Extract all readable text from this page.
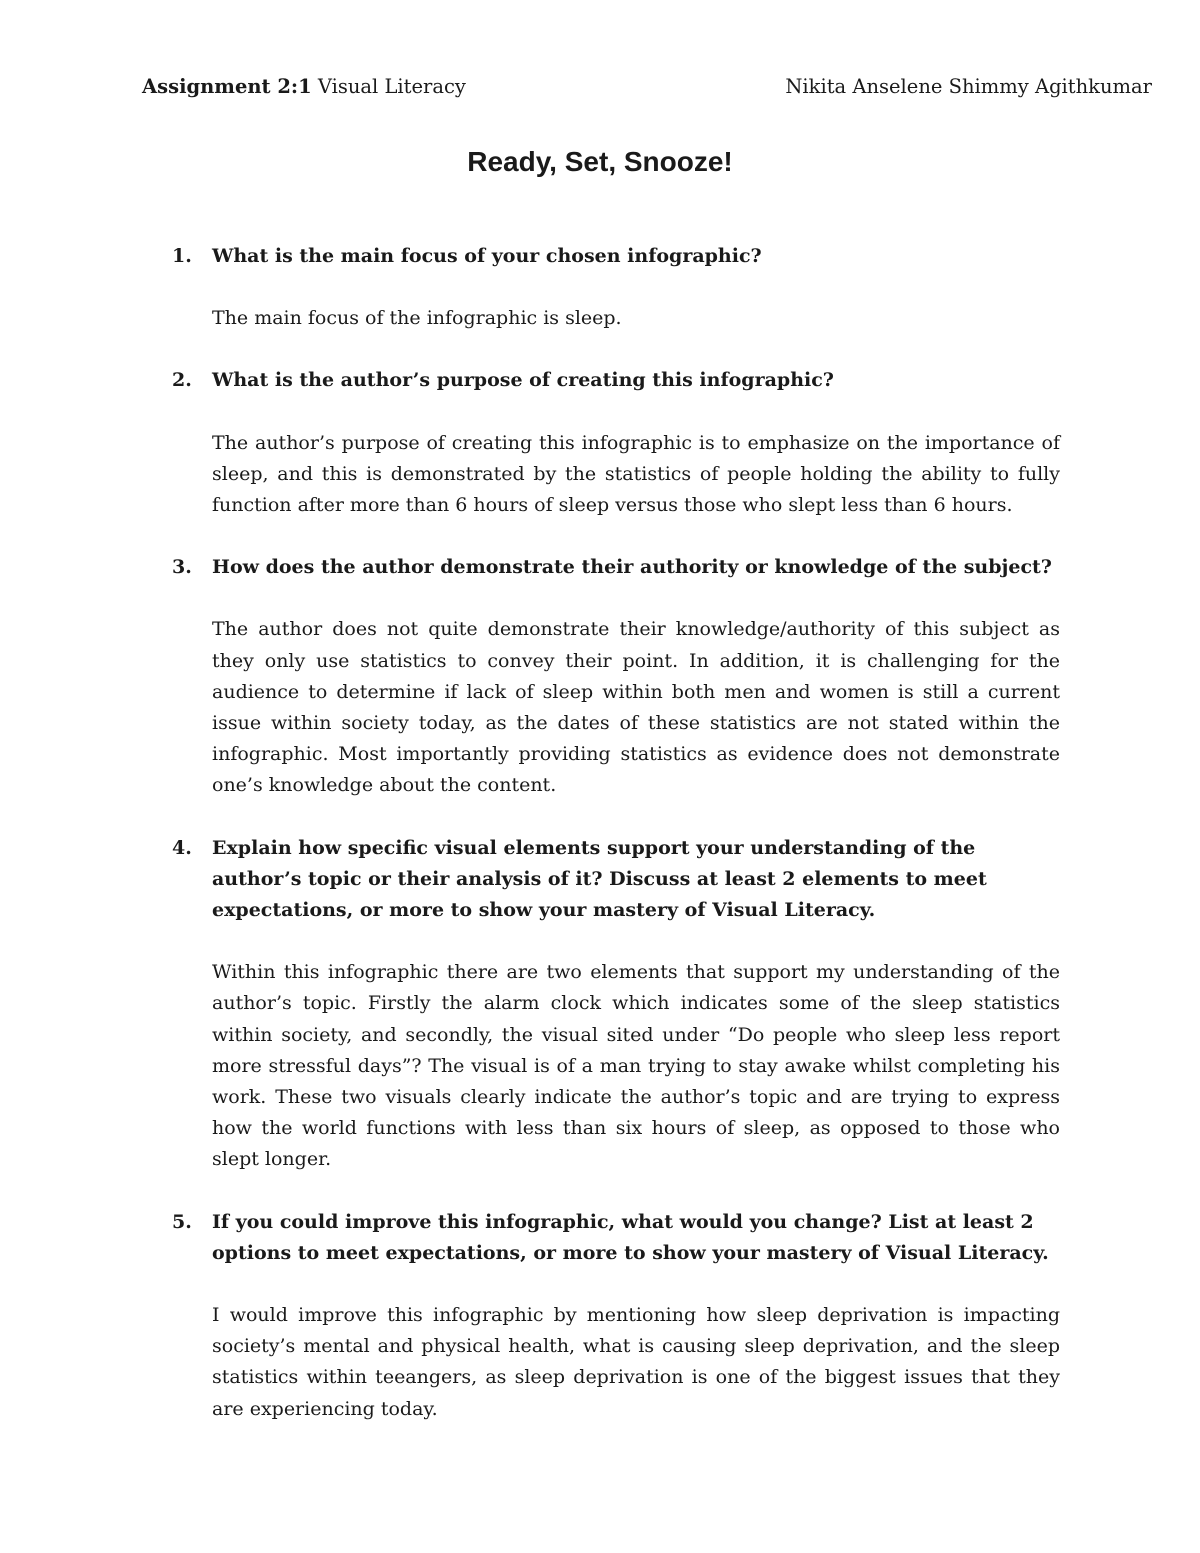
Assignment 2:1 Visual Literacy	Nikita Anselene Shimmy Agithkumar
Ready, Set, Snooze!
1.	What is the main focus of your chosen infographic?
The main focus of the infographic is sleep.
2.	What is the author’s purpose of creating this infographic?
The author’s purpose of creating this infographic is to emphasize on the importance of sleep, and this is demonstrated by the statistics of people holding the ability to fully function after more than 6 hours of sleep versus those who slept less than 6 hours.
3.	How does the author demonstrate their authority or knowledge of the subject?
The author does not quite demonstrate their knowledge/authority of this subject as they only use statistics to convey their point. In addition, it is challenging for the audience to determine if lack of sleep within both men and women is still a current issue within society today, as the dates of these statistics are not stated within the infographic. Most importantly providing statistics as evidence does not demonstrate one’s knowledge about the content.
4.	Explain how specific visual elements support your understanding of the author’s topic or their analysis of it? Discuss at least 2 elements to meet expectations, or more to show your mastery of Visual Literacy.
Within this infographic there are two elements that support my understanding of the author’s topic. Firstly the alarm clock which indicates some of the sleep statistics within society, and secondly, the visual sited under “Do people who sleep less report more stressful days”? The visual is of a man trying to stay awake whilst completing his work. These two visuals clearly indicate the author’s topic and are trying to express how the world functions with less than six hours of sleep, as opposed to those who slept longer.
5.	If you could improve this infographic, what would you change? List at least 2 options to meet expectations, or more to show your mastery of Visual Literacy.
I would improve this infographic by mentioning how sleep deprivation is impacting society’s mental and physical health, what is causing sleep deprivation, and the sleep statistics within teeangers, as sleep deprivation is one of the biggest issues that they are experiencing today.
